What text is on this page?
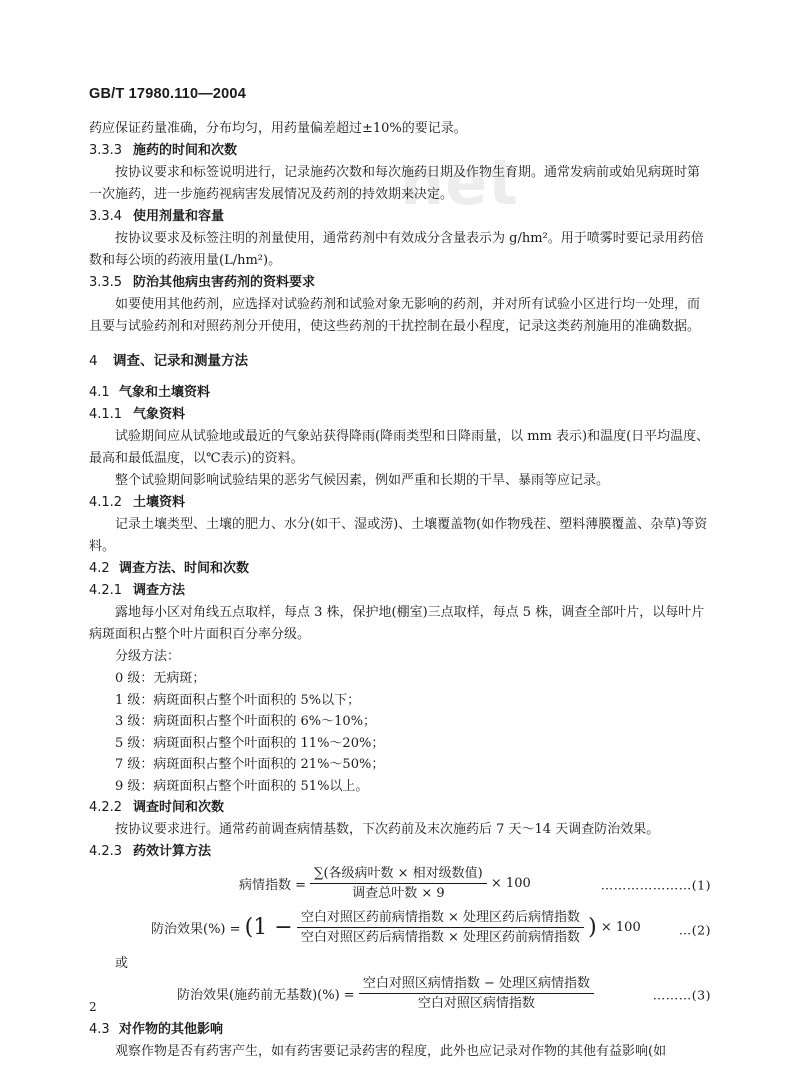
net
GB/T 17980.110—2004

药应保证药量准确，分布均匀，用药量偏差超过±10%的要记录。

3.3.3 施药的时间和次数

按协议要求和标签说明进行，记录施药次数和每次施药日期及作物生育期。通常发病前或始见病斑时第一次施药，进一步施药视病害发展情况及药剂的持效期来决定。

3.3.4 使用剂量和容量

按协议要求及标签注明的剂量使用，通常药剂中有效成分含量表示为 g/hm²。用于喷雾时要记录用药倍数和每公顷的药液用量(L/hm²)。

3.3.5 防治其他病虫害药剂的资料要求

如要使用其他药剂，应选择对试验药剂和试验对象无影响的药剂，并对所有试验小区进行均一处理，而且要与试验药剂和对照药剂分开使用，使这些药剂的干扰控制在最小程度，记录这类药剂施用的准确数据。

4 调查、记录和测量方法
4.1 气象和土壤资料
4.1.1 气象资料

试验期间应从试验地或最近的气象站获得降雨(降雨类型和日降雨量，以 mm 表示)和温度(日平均温度、最高和最低温度，以℃表示)的资料。

整个试验期间影响试验结果的恶劣气候因素，例如严重和长期的干旱、暴雨等应记录。

4.1.2 土壤资料

记录土壤类型、土壤的肥力、水分(如干、湿或涝)、土壤覆盖物(如作物残茬、塑料薄膜覆盖、杂草)等资料。

4.2 调查方法、时间和次数
4.2.1 调查方法

露地每小区对角线五点取样，每点 3 株，保护地(棚室)三点取样，每点 5 株，调查全部叶片，以每叶片病斑面积占整个叶片面积百分率分级。

分级方法：

0 级：无病斑；

1 级：病斑面积占整个叶面积的 5%以下；

3 级：病斑面积占整个叶面积的 6%～10%；

5 级：病斑面积占整个叶面积的 11%～20%；

7 级：病斑面积占整个叶面积的 21%～50%；

9 级：病斑面积占整个叶面积的 51%以上。

4.2.2 调查时间和次数

按协议要求进行。通常药前调查病情基数，下次药前及末次施药后 7 天～14 天调查防治效果。

4.2.3 药效计算方法
病情指数 = $\frac{\text{∑(各级病叶数 × 相对级数值)}}{\text{调查总叶数 × 9}} \times 100$	…………………(1)
防治效果(%) = ($1 - \frac{\text{空白对照区药前病情指数 × 处理区药后病情指数}}{\text{空白对照区药后病情指数 × 处理区药前病情指数}}$ ) × 100	…(2)

或

防治效果(施药前无基数)(%) = $\frac{\text{空白对照区病情指数 − 处理区病情指数}}{\text{空白对照区病情指数}}$	………(3)
4.3 对作物的其他影响

观察作物是否有药害产生，如有药害要记录药害的程度，此外也应记录对作物的其他有益影响(如

2
